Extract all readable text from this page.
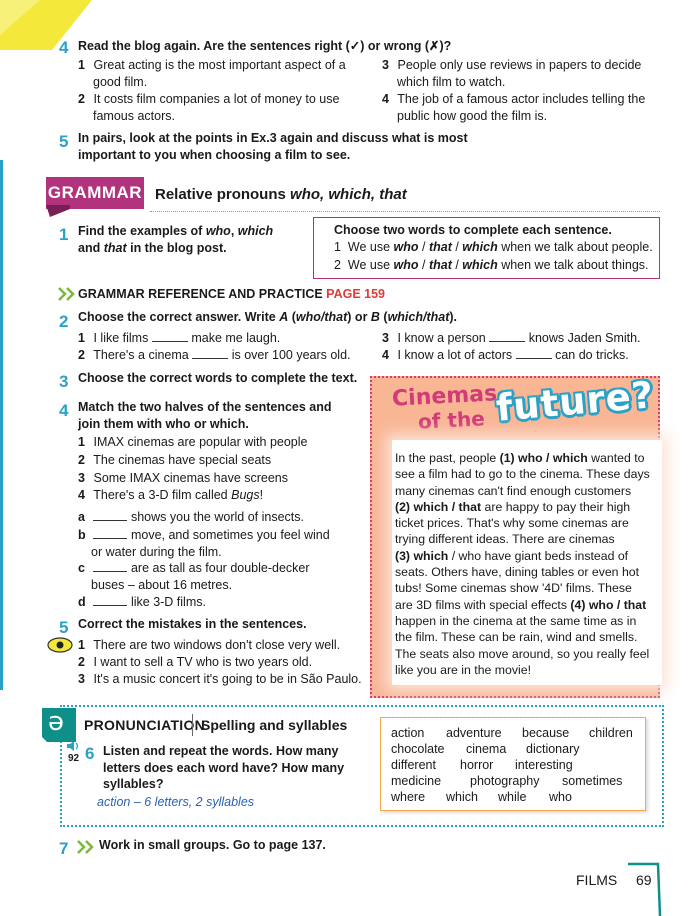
4 Read the blog again. Are the sentences right (✓) or wrong (✗)?
1 Great acting is the most important aspect of a
good film.
2 It costs film companies a lot of money to use
famous actors.
3 People only use reviews in papers to decide
which film to watch.
4 The job of a famous actor includes telling the
public how good the film is.
5 In pairs, look at the points in Ex.3 again and discuss what is most
important to you when choosing a film to see.
GRAMMAR Relative pronouns who, which, that
1 Find the examples of who, which
and that in the blog post.
Choose two words to complete each sentence.
1 We use who / that / which when we talk about people.
2 We use who / that / which when we talk about things.
GRAMMAR REFERENCE AND PRACTICE PAGE 159
2 Choose the correct answer. Write A (who/that) or B (which/that).
1 I like films	make me laugh.
2 There's a cinema	is over 100 years old.
3 I know a person	knows Jaden Smith.
4 I know a lot of actors	can do tricks.
3 Choose the correct words to complete the text.
4 Match the two halves of the sentences and
join them with who or which.
1 IMAX cinemas are popular with people
2 The cinemas have special seats
3 Some IMAX cinemas have screens
4 There's a 3-D film called Bugs!
a	shows you the world of insects.
b	move, and sometimes you feel wind
or water during the film.
c	are as tall as four double-decker
buses – about 16 metres.
d	like 3-D films.
5 Correct the mistakes in the sentences.
1 There are two windows don't close very well.
2 I want to sell a TV who is two years old.
3 It's a music concert it's going to be in São Paulo.
Cinemas
of the future?
In the past, people (1) who / which wanted to
see a film had to go to the cinema. These days
many cinemas can't find enough customers
(2) which / that are happy to pay their high
ticket prices. That's why some cinemas are
trying different ideas. There are cinemas
(3) which / who have giant beds instead of
seats. Others have, dining tables or even hot
tubs! Some cinemas show '4D' films. These
are 3D films with special effects (4) who / that
happen in the cinema at the same time as in
the film. These can be rain, wind and smells.
The seats also move around, so you really feel
like you are in the movie!
ə PRONUNCIATION
Spelling and syllables
92 6 Listen and repeat the words. How many
letters does each word have? How many
syllables?
action – 6 letters, 2 syllables
action adventure because children
chocolate cinema dictionary
different horror interesting
medicine photography sometimes
where which while who
7 Work in small groups. Go to page 137.
FILMS 69
